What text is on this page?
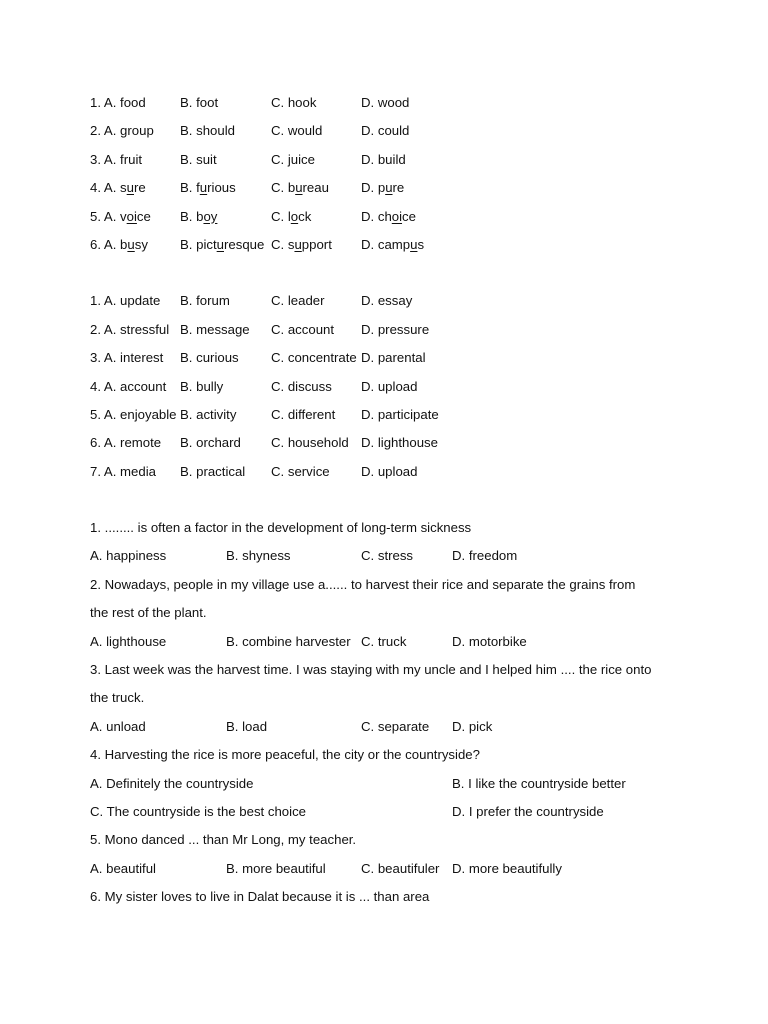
1. A. food	B. foot	C. hook	D. wood
2. A. group B. should	C. would	D. could
3. A. fruit	B. suit	C. juice	D. build
4. A. sure	B. furious	C. bureau D. pure
5. A. voice B. boy	C. lock	D. choice
6. A. busy B. picturesque C. support D. campus
1. A. update B. forum	C. leader	D. essay
2. A. stressful B. message C. account D. pressure
3. A. interest B. curious C. concentrate D. parental
4. A. account B. bully	C. discuss D. upload
5. A. enjoyable B. activity	C. different D. participate
6. A. remote B. orchard C. household D. lighthouse
7. A. media B. practical C. service D. upload
1. ........ is often a factor in the development of long-term sickness
A. happiness	B. shyness	C. stress	D. freedom
2. Nowadays, people in my village use a...... to harvest their rice and separate the grains from
the rest of the plant.
A. lighthouse	B. combine harvester C. truck	D. motorbike
3. Last week was the harvest time. I was staying with my uncle and I helped him .... the rice onto
the truck.
A. unload	B. load	C. separate D. pick
4. Harvesting the rice is more peaceful, the city or the countryside?
A. Definitely the countryside	B. I like the countryside better
C. The countryside is the best choice	D. I prefer the countryside
5. Mono danced ... than Mr Long, my teacher.
A. beautiful	B. more beautiful	C. beautifuler D. more beautifully
6. My sister loves to live in Dalat because it is ... than area
